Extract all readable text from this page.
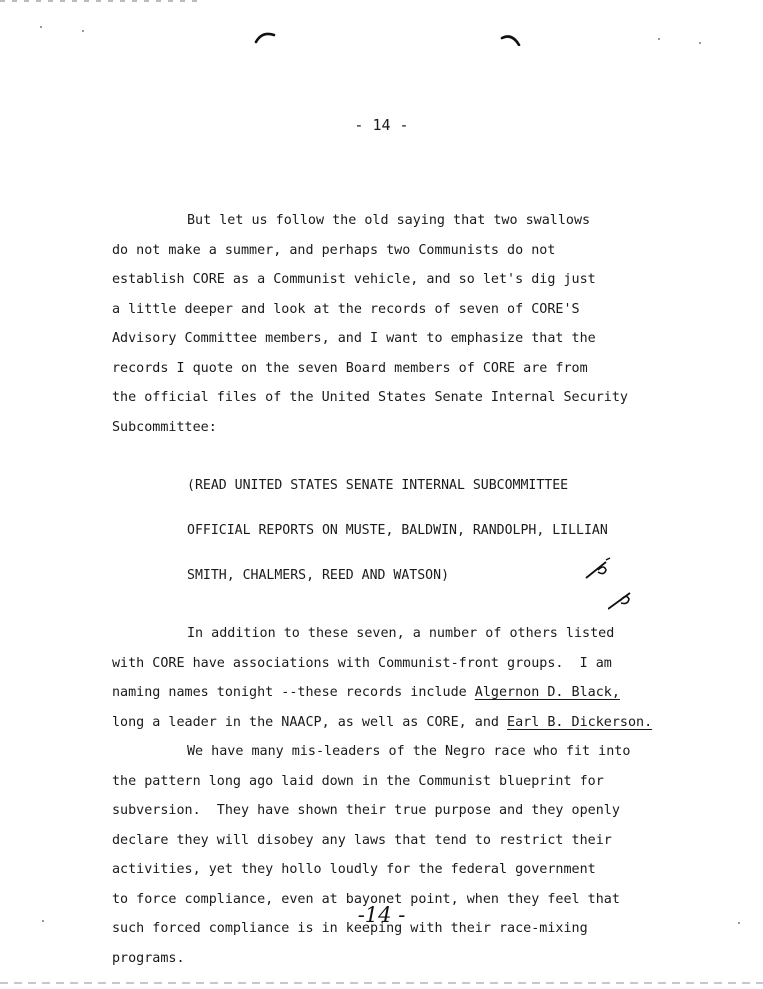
- 14 -

But let us follow the old saying that two swallows

do not make a summer, and perhaps two Communists do not

establish CORE as a Communist vehicle, and so let's dig just

a little deeper and look at the records of seven of CORE'S

Advisory Committee members, and I want to emphasize that the

records I quote on the seven Board members of CORE are from

the official files of the United States Senate Internal Security

Subcommittee:

(READ UNITED STATES SENATE INTERNAL SUBCOMMITTEE

OFFICIAL REPORTS ON MUSTE, BALDWIN, RANDOLPH, LILLIAN

SMITH, CHALMERS, REED AND WATSON)

In addition to these seven, a number of others listed

with CORE have associations with Communist-front groups.  I am

naming names tonight --these records include Algernon D. Black,

long a leader in the NAACP, as well as CORE, and Earl B. Dickerson.

We have many mis-leaders of the Negro race who fit into

the pattern long ago laid down in the Communist blueprint for

subversion.  They have shown their true purpose and they openly

declare they will disobey any laws that tend to restrict their

activities, yet they hollo loudly for the federal government

to force compliance, even at bayonet point, when they feel that

such forced compliance is in keeping with their race-mixing

programs.

-14 -
